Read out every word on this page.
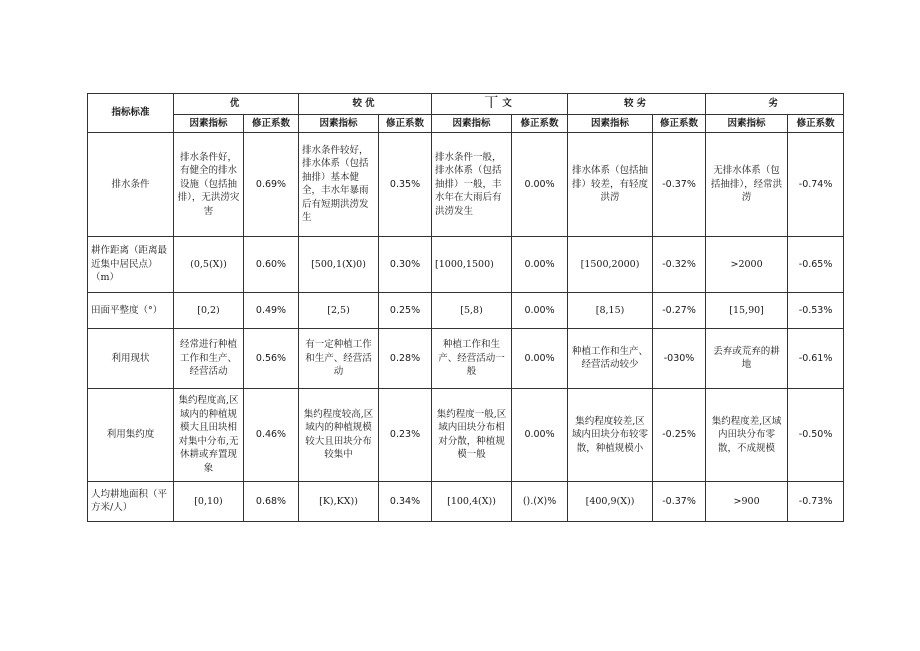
指标标准	优		较优		丅 文		较劣		劣	
	因素指标	修正系数	因素指标	修正系数	因素指标	修正系数	因素指标	修正系数	因素指标	修正系数
排水条件	排水条件好，有健全的排水设施（包括抽排），无洪涝灾害	0.69%	排水条件较好，排水体系（包括抽排）基本健全，丰水年暴雨后有短期洪涝发生	0.35%	排水条件一般，排水体系（包括抽排）一般，丰水年在大雨后有洪涝发生	0.00%	排水体系（包括抽排）较差，有轻度洪涝	-0.37%	无排水体系（包括抽排），经常洪涝	-0.74%
耕作距离（距离最近集中居民点）（m）	(0,5(X))	0.60%	[500,1(X)0)	0.30%	[1000,1500)	0.00%	[1500,2000)	-0.32%	>2000	-0.65%
田面平整度（°）	[0,2)	0.49%	[2,5)	0.25%	[5,8)	0.00%	[8,15)	-0.27%	[15,90]	-0.53%
利用现状	经常进行种植工作和生产、经营活动	0.56%	有一定种植工作和生产、经营活动	0.28%	种植工作和生产、经营活动一般	0.00%	种植工作和生产、经营活动较少	-030%	丢弃或荒弃的耕地	-0.61%
利用集约度	集约程度高,区域内的种植规模大且田块相对集中分布,无休耕或弃置现象	0.46%	集约程度较高,区域内的种植规模较大且田块分布较集中	0.23%	集约程度一般,区域内田块分布相对分散，种植规模一般	0.00%	集约程度较差,区域内田块分布较零散，种植规模小	-0.25%	集约程度差,区域内田块分布零散，不成规模	-0.50%
人均耕地面积（平方米/人）	[0,10)	0.68%	[K),KX))	0.34%	[100,4(X))	().(X)%	[400,9(X))	-0.37%	>900	-0.73%
